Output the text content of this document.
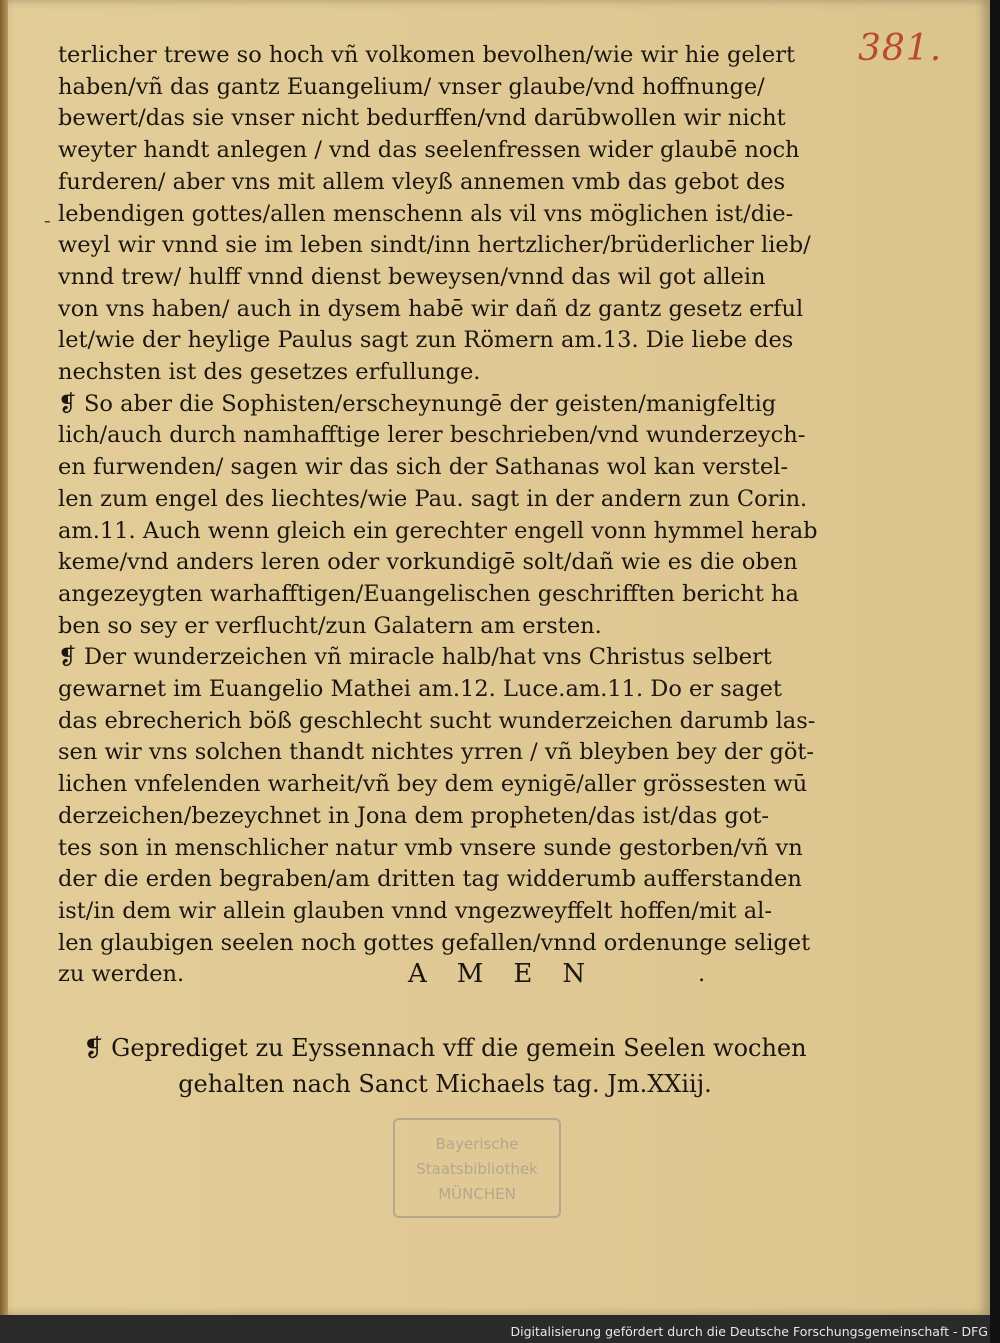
381.
-
terlicher trewe so hoch vñ volkomen bevolhen/wie wir hie gelert
haben/vñ das gantz Euangelium/ vnser glaube/vnd hoffnunge/
bewert/das sie vnser nicht bedurffen/vnd darūbwollen wir nicht
weyter handt anlegen / vnd das seelenfressen wider glaubē noch
furderen/ aber vns mit allem vleyß annemen vmb das gebot des
lebendigen gottes/allen menschenn als vil vns möglichen ist/die-
weyl wir vnnd sie im leben sindt/inn hertzlicher/brüderlicher lieb/
vnnd trew/ hulff vnnd dienst beweysen/vnnd das wil got allein
von vns haben/ auch in dysem habē wir dañ dz gantz gesetz erful
let/wie der heylige Paulus sagt zun Römern am.13. Die liebe des
nechsten ist des gesetzes erfullunge.
❡ So aber die Sophisten/erscheynungē der geisten/manigfeltig
lich/auch durch namhafftige lerer beschrieben/vnd wunderzeych-
en furwenden/ sagen wir das sich der Sathanas wol kan verstel-
len zum engel des liechtes/wie Pau. sagt in der andern zun Corin.
am.11. Auch wenn gleich ein gerechter engell vonn hymmel herab
keme/vnd anders leren oder vorkundigē solt/dañ wie es die oben
angezeygten warhafftigen/Euangelischen geschrifften bericht ha
ben so sey er verflucht/zun Galatern am ersten.
❡ Der wunderzeichen vñ miracle halb/hat vns Christus selbert
gewarnet im Euangelio Mathei am.12. Luce.am.11. Do er saget
das ebrecherich böß geschlecht sucht wunderzeichen darumb las-
sen wir vns solchen thandt nichtes yrren / vñ bleyben bey der göt-
lichen vnfelenden warheit/vñ bey dem eynigē/aller grössesten wū
derzeichen/bezeychnet in Jona dem propheten/das ist/das got-
tes son in menschlicher natur vmb vnsere sunde gestorben/vñ vn
der die erden begraben/am dritten tag widderumb aufferstanden
ist/in dem wir allein glauben vnnd vngezweyffelt hoffen/mit al-
len glaubigen seelen noch gottes gefallen/vnnd ordenunge seliget
zu werden.	AMEN	.
❡ Geprediget zu Eyssennach vff die gemein Seelen wochen
gehalten nach Sanct Michaels tag. Jm.XXiij.
Bayerische
Staatsbibliothek
MÜNCHEN
Digitalisierung gefördert durch die Deutsche Forschungsgemeinschaft - DFG
